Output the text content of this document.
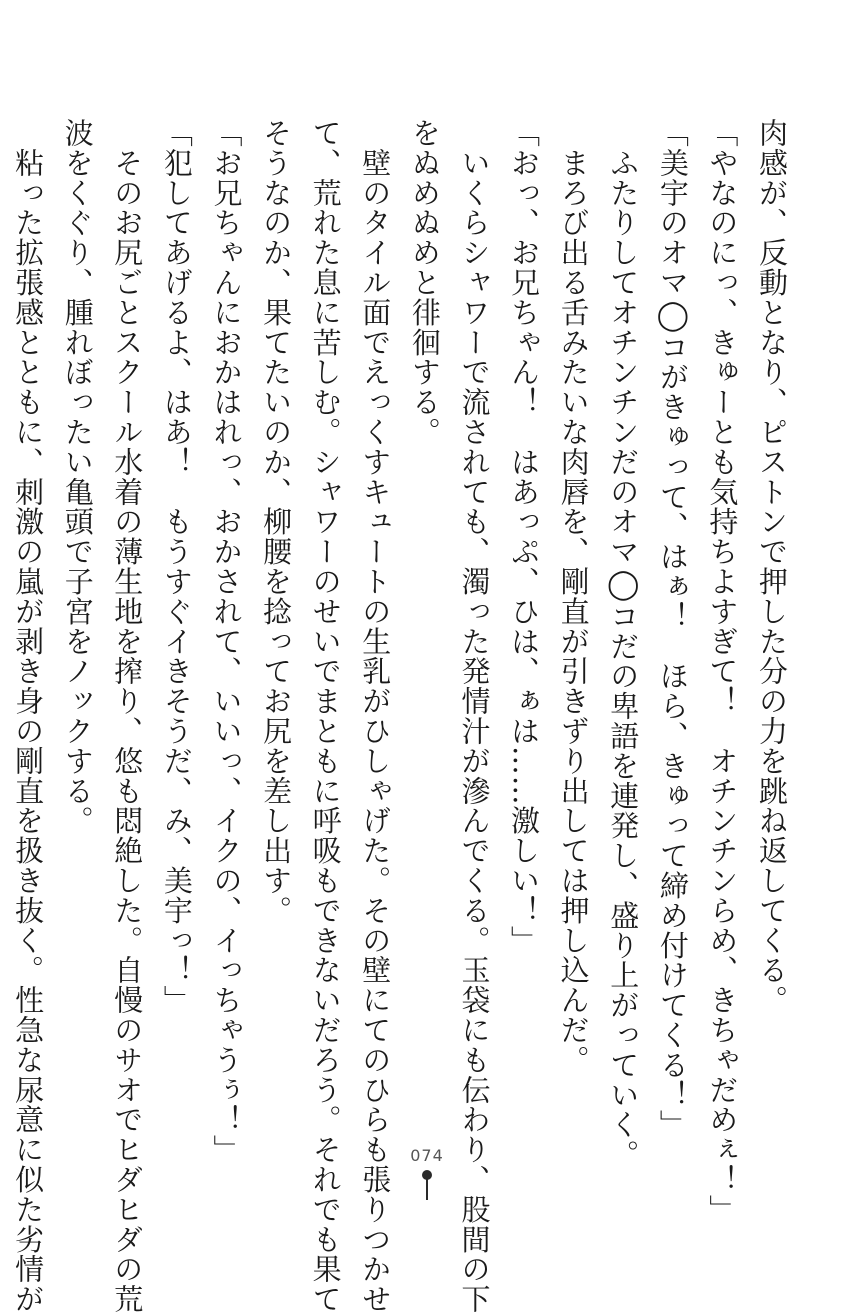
肉感が、反動となり、ピストンで押した分の力を跳ね返してくる。
「やなのにっ、きゅーとも気持ちよすぎて！　オチンチンらめ、きちゃだめぇ！」
「美宇のオマ◯コがきゅって、はぁ！　ほら、きゅって締め付けてくる！」
　ふたりしてオチンチンだのオマ◯コだの卑語を連発し、盛り上がっていく。
　まろび出る舌みたいな肉唇を、剛直が引きずり出しては押し込んだ。
「おっ、お兄ちゃん！　はあっぷ、ひは、ぁは……激しい！」
　いくらシャワーで流されても、濁った発情汁が滲んでくる。玉袋にも伝わり、股間の下
をぬめぬめと徘徊する。
　壁のタイル面でえっくすキュートの生乳がひしゃげた。その壁にてのひらも張りつかせ
て、荒れた息に苦しむ。シャワーのせいでまともに呼吸もできないだろう。それでも果て
そうなのか、果てたいのか、柳腰を捻ってお尻を差し出す。
「お兄ちゃんにおかはれっ、おかされて、いいっ、イクの、イっちゃうぅ！」
「犯してあげるよ、はあ！　もうすぐイきそうだ、み、美宇っ！」
　そのお尻ごとスクール水着の薄生地を搾り、悠も悶絶した。自慢のサオでヒダヒダの荒
波をくぐり、腫れぼったい亀頭で子宮をノックする。
　粘った拡張感とともに、刺激の嵐が剥き身の剛直を扱き抜く。性急な尿意に似た劣情が	074
